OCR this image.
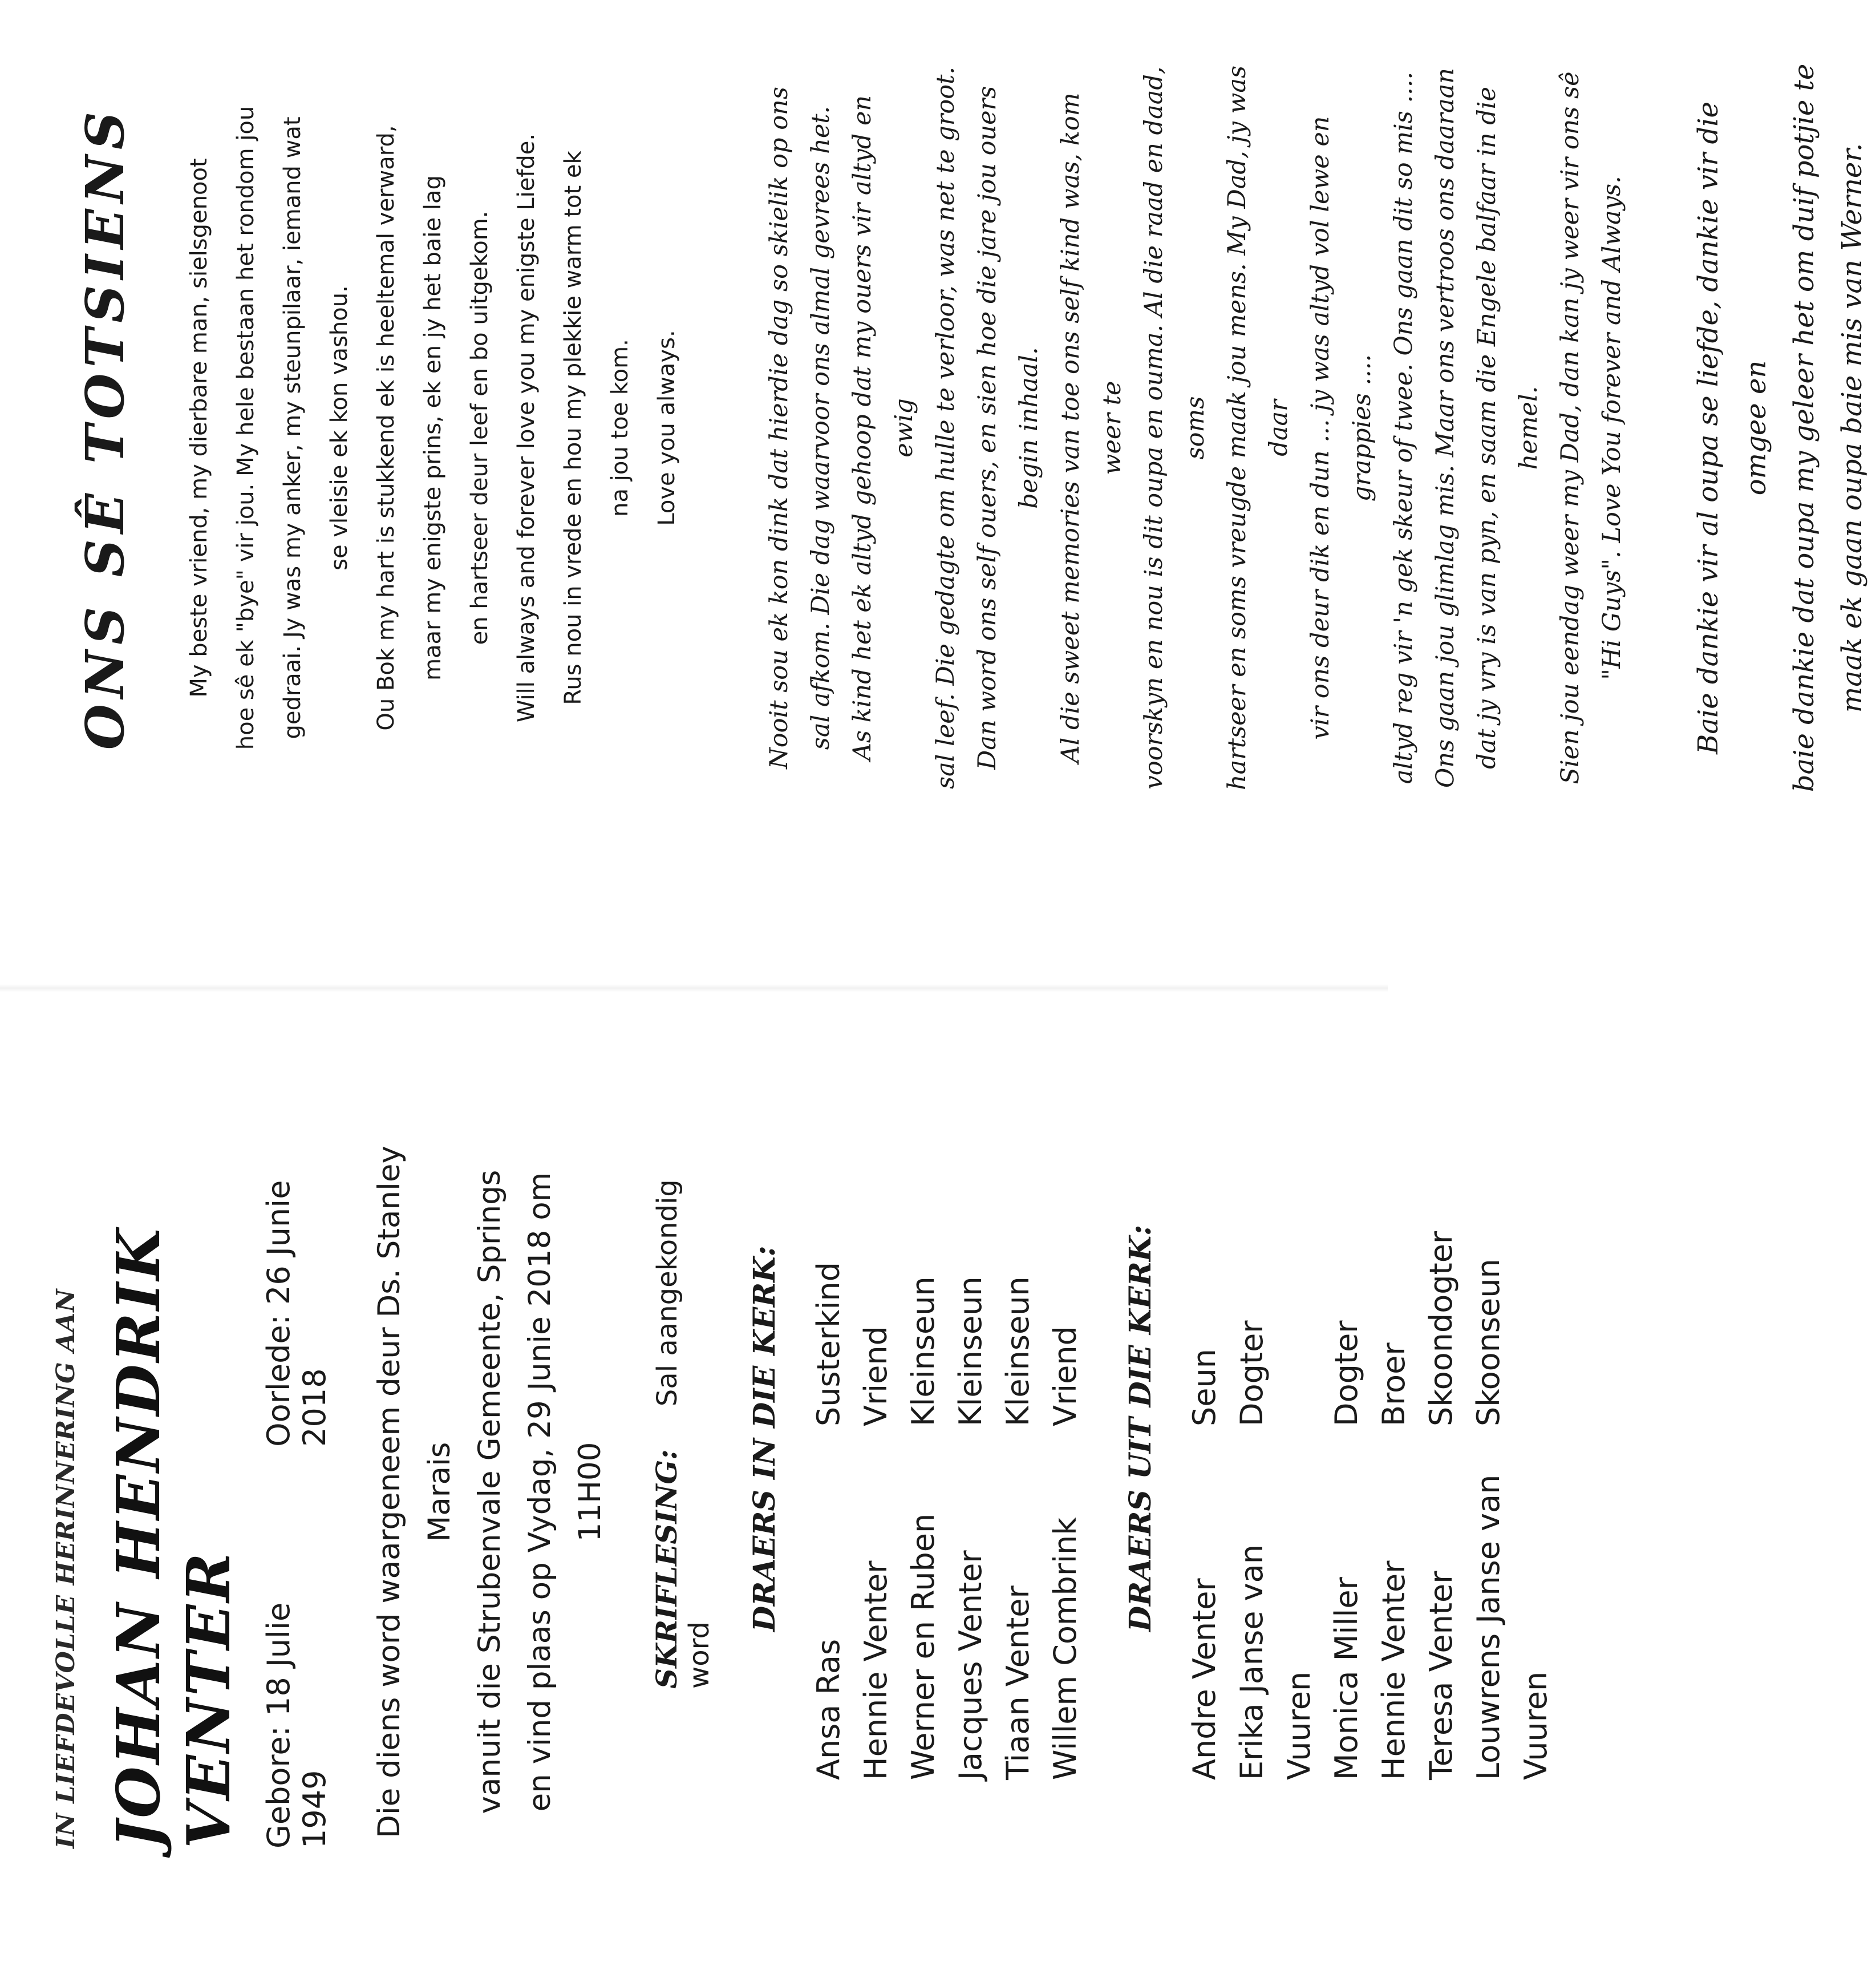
IN LIEFDEVOLLE HERINNERING AAN JOHAN HENDRIK VENTER Gebore: 18 Julie 1949
Oorlede: 26 Junie 2018 Die diens word waargeneem deur Ds. Stanley Marais vanuit die Strubenvale Gemeente, Springs en vind plaas op Vydag, 29 Junie 2018 om 11H00 SKRIFLESING: Sal aangekondig word
DRAERS IN DIE KERK:
Ansa Ras
Susterkind
Hennie Venter
Vriend
Werner en Ruben
Kleinseun
Jacques Venter
Kleinseun
Tiaan Venter
Kleinseun
Willem Combrink
Vriend DRAERS UIT DIE KERK:
Andre Venter
Seun
Erika Janse van Vuuren
Dogter
Monica Miller
Dogter
Hennie Venter
Broer
Teresa Venter
Skoondogter
Louwrens Janse van Vuuren
Skoonseun
ONS SÊ TOTSIENS	My beste vriend, my dierbare man, sielsgenoot hoe sê ek "bye" vir jou. My hele bestaan het rondom jou gedraai. Jy was my anker, my steunpilaar, iemand wat se vleisie ek kon vashou. Ou Bok my hart is stukkend ek is heeltemal verward, maar my enigste prins, ek en jy het baie lag en hartseer deur leef en bo uitgekom. Will always and forever love you my enigste Liefde. Rus nou in vrede en hou my plekkie warm tot ek na jou toe kom. Love you always.	Nooit sou ek kon dink dat hierdie dag so skielik op ons sal afkom. Die dag waarvoor ons almal gevrees het. As kind het ek altyd gehoop dat my ouers vir altyd en ewig sal leef. Die gedagte om hulle te verloor, was net te groot. Dan word ons self ouers, en sien hoe die jare jou ouers begin inhaal. Al die sweet memories van toe ons self kind was, kom weer te voorskyn en nou is dit oupa en ouma. Al die raad en daad, soms hartseer en soms vreugde maak jou mens. My Dad, jy was daar vir ons deur dik en dun ... jy was altyd vol lewe en grappies .... altyd reg vir 'n gek skeur of twee. Ons gaan dit so mis .... Ons gaan jou glimlag mis. Maar ons vertroos ons daaraan dat jy vry is van pyn, en saam die Engele balfaar in die hemel. Sien jou eendag weer my Dad, dan kan jy weer vir ons sê "Hi Guys". Love You forever and Always. Baie dankie vir al oupa se liefde, dankie vir die omgee en baie dankie dat oupa my geleer het om duif potjie te maak ek gaan oupa baie mis van Werner.
